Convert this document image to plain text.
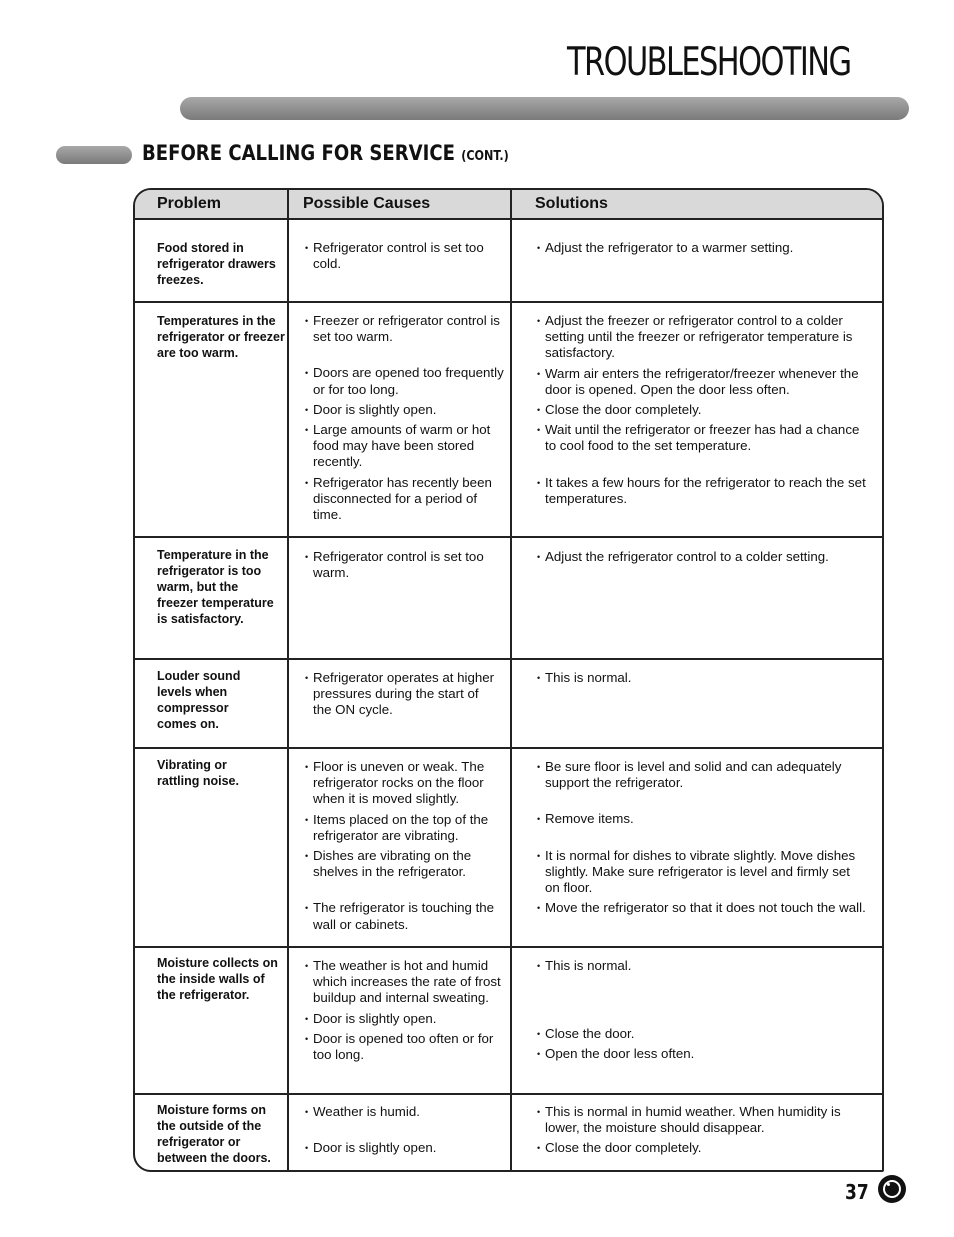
TROUBLESHOOTING
BEFORE CALLING FOR SERVICE (CONT.)
Problem	Possible Causes	Solutions
Food stored in refrigerator drawers freezes.
• Refrigerator control is set too cold.
• Adjust the refrigerator to a warmer setting.
Temperatures in the refrigerator or freezer are too warm.
• Freezer or refrigerator control is set too warm.
• Doors are opened too frequently or for too long.
• Door is slightly open.
• Large amounts of warm or hot food may have been stored recently.
• Refrigerator has recently been disconnected for a period of time.
• Adjust the freezer or refrigerator control to a colder setting until the freezer or refrigerator temperature is satisfactory.
• Warm air enters the refrigerator/freezer whenever the door is opened. Open the door less often.
• Close the door completely.
• Wait until the refrigerator or freezer has had a chance to cool food to the set temperature.
• It takes a few hours for the refrigerator to reach the set temperatures.
Temperature in the refrigerator is too warm, but the freezer temperature is satisfactory.
• Refrigerator control is set too warm.
• Adjust the refrigerator control to a colder setting.
Louder sound levels when compressor comes on.
• Refrigerator operates at higher pressures during the start of the ON cycle.
• This is normal.
Vibrating or rattling noise.
• Floor is uneven or weak. The refrigerator rocks on the floor when it is moved slightly.
• Items placed on the top of the refrigerator are vibrating.
• Dishes are vibrating on the shelves in the refrigerator.
• The refrigerator is touching the wall or cabinets.
• Be sure floor is level and solid and can adequately support the refrigerator.
• Remove items.
• It is normal for dishes to vibrate slightly. Move dishes slightly. Make sure refrigerator is level and firmly set on floor.
• Move the refrigerator so that it does not touch the wall.
Moisture collects on the inside walls of the refrigerator.
• The weather is hot and humid which increases the rate of frost buildup and internal sweating.
• Door is slightly open.
• Door is opened too often or for too long.
• This is normal.
• Close the door.
• Open the door less often.
Moisture forms on the outside of the refrigerator or between the doors.
• Weather is humid.
• Door is slightly open.
• This is normal in humid weather. When humidity is lower, the moisture should disappear.
• Close the door completely.
37
